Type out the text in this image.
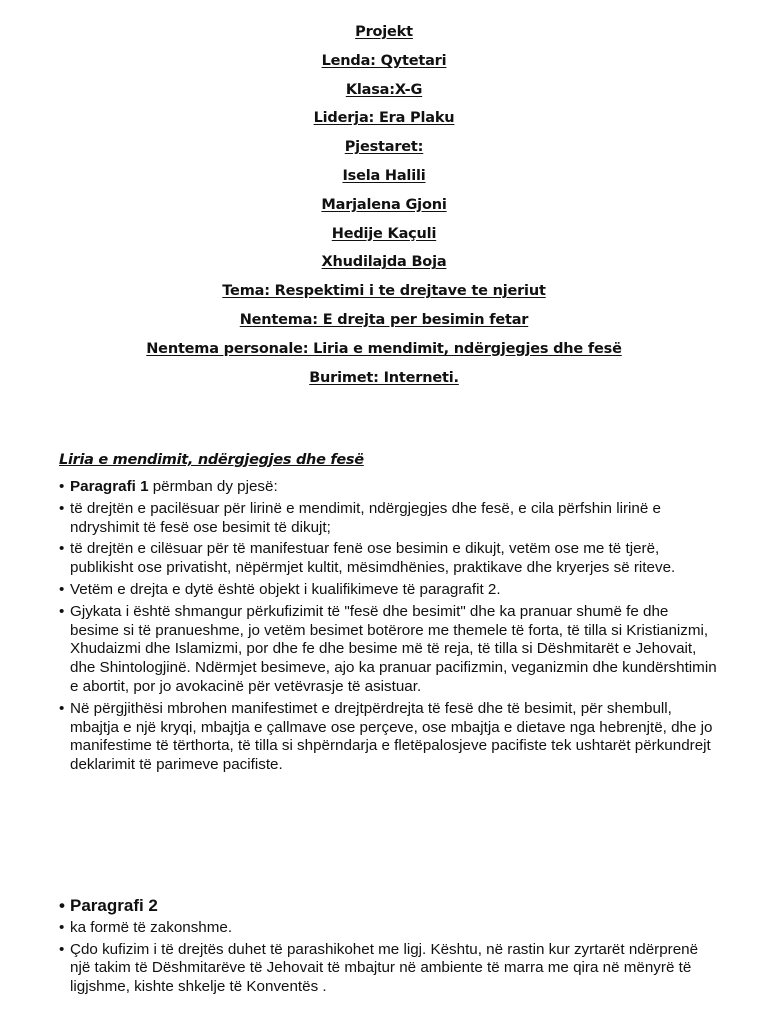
Projekt
Lenda: Qytetari
Klasa:X-G
Liderja: Era Plaku
Pjestaret:
Isela Halili
Marjalena Gjoni
Hedije Kaçuli
Xhudilajda Boja
Tema: Respektimi i te drejtave te njeriut
Nentema: E drejta per besimin fetar
Nentema personale: Liria e mendimit, ndërgjegjes dhe fesë
Burimet: Interneti.
Liria e mendimit, ndërgjegjes dhe fesë
• Paragrafi 1 përmban dy pjesë:
• të drejtën e pacilësuar për lirinë e mendimit, ndërgjegjes dhe fesë, e cila përfshin lirinë e ndryshimit të fesë ose besimit të dikujt;
• të drejtën e cilësuar për të manifestuar fenë ose besimin e dikujt, vetëm ose me të tjerë, publikisht ose privatisht, nëpërmjet kultit, mësimdhënies, praktikave dhe kryerjes së riteve.
• Vetëm e drejta e dytë është objekt i kualifikimeve të paragrafit 2.
• Gjykata i është shmangur përkufizimit të "fesë dhe besimit" dhe ka pranuar shumë fe dhe besime si të pranueshme, jo vetëm besimet botërore me themele të forta, të tilla si Kristianizmi, Xhudaizmi dhe Islamizmi, por dhe fe dhe besime më të reja, të tilla si Dëshmitarët e Jehovait, dhe Shintologjinë. Ndërmjet besimeve, ajo ka pranuar pacifizmin, veganizmin dhe kundërshtimin e abortit, por jo avokacinë për vetëvrasje të asistuar.
• Në përgjithësi mbrohen manifestimet e drejtpërdrejta të fesë dhe të besimit, për shembull, mbajtja e një kryqi, mbajtja e çallmave ose perçeve, ose mbajtja e dietave nga hebrenjtë, dhe jo manifestime të tërthorta, të tilla si shpërndarja e fletëpalosjeve pacifiste tek ushtarët përkundrejt deklarimit të parimeve pacifiste.
• Paragrafi 2
• ka formë të zakonshme.
• Çdo kufizim i të drejtës duhet të parashikohet me ligj. Kështu, në rastin kur zyrtarët ndërprenë një takim të Dëshmitarëve të Jehovait të mbajtur në ambiente të marra me qira në mënyrë të ligjshme, kishte shkelje të Konventës .
